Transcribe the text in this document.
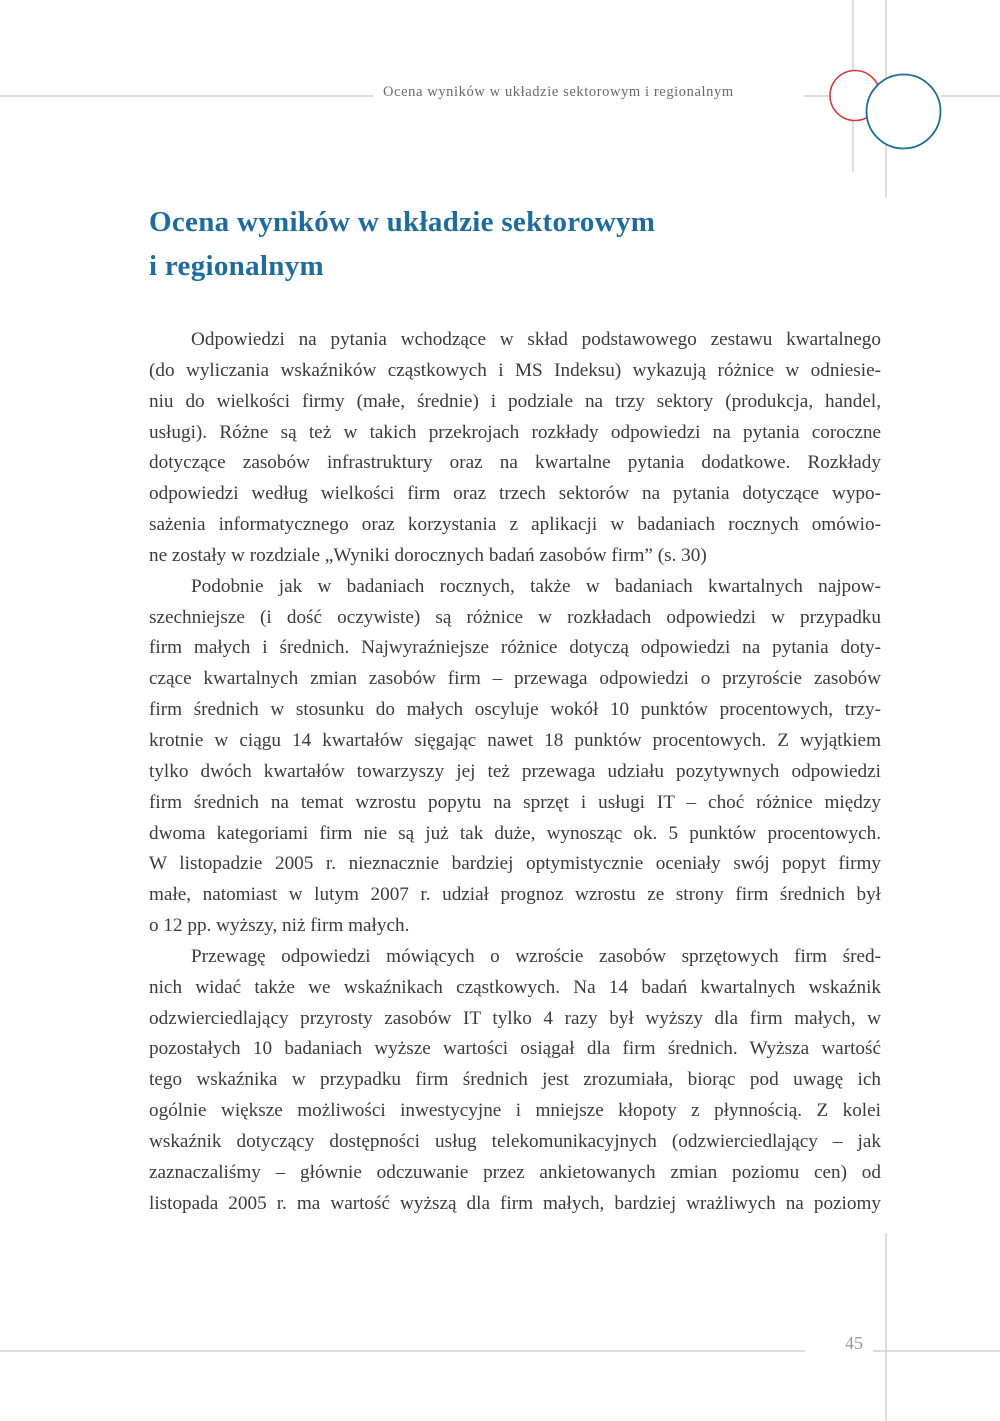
Ocena wyników w układzie sektorowym i regionalnym
Ocena wyników w układzie sektorowym
i regionalnym
Odpowiedzi na pytania wchodzące w skład podstawowego zestawu kwartalnego
(do wyliczania wskaźników cząstkowych i MS Indeksu) wykazują różnice w odniesie-
niu do wielkości firmy (małe, średnie) i podziale na trzy sektory (produkcja, handel,
usługi). Różne są też w takich przekrojach rozkłady odpowiedzi na pytania coroczne
dotyczące zasobów infrastruktury oraz na kwartalne pytania dodatkowe. Rozkłady
odpowiedzi według wielkości firm oraz trzech sektorów na pytania dotyczące wypo-
sażenia informatycznego oraz korzystania z aplikacji w badaniach rocznych omówio-
ne zostały w rozdziale „Wyniki dorocznych badań zasobów firm” (s. 30)
Podobnie jak w badaniach rocznych, także w badaniach kwartalnych najpow-
szechniejsze (i dość oczywiste) są różnice w rozkładach odpowiedzi w przypadku
firm małych i średnich. Najwyraźniejsze różnice dotyczą odpowiedzi na pytania doty-
czące kwartalnych zmian zasobów firm – przewaga odpowiedzi o przyroście zasobów
firm średnich w stosunku do małych oscyluje wokół 10 punktów procentowych, trzy-
krotnie w ciągu 14 kwartałów sięgając nawet 18 punktów procentowych. Z wyjątkiem
tylko dwóch kwartałów towarzyszy jej też przewaga udziału pozytywnych odpowiedzi
firm średnich na temat wzrostu popytu na sprzęt i usługi IT – choć różnice między
dwoma kategoriami firm nie są już tak duże, wynosząc ok. 5 punktów procentowych.
W listopadzie 2005 r. nieznacznie bardziej optymistycznie oceniały swój popyt firmy
małe, natomiast w lutym 2007 r. udział prognoz wzrostu ze strony firm średnich był
o 12 pp. wyższy, niż firm małych.
Przewagę odpowiedzi mówiących o wzroście zasobów sprzętowych firm śred-
nich widać także we wskaźnikach cząstkowych. Na 14 badań kwartalnych wskaźnik
odzwierciedlający przyrosty zasobów IT tylko 4 razy był wyższy dla firm małych, w
pozostałych 10 badaniach wyższe wartości osiągał dla firm średnich. Wyższa wartość
tego wskaźnika w przypadku firm średnich jest zrozumiała, biorąc pod uwagę ich
ogólnie większe możliwości inwestycyjne i mniejsze kłopoty z płynnością. Z kolei
wskaźnik dotyczący dostępności usług telekomunikacyjnych (odzwierciedlający – jak
zaznaczaliśmy – głównie odczuwanie przez ankietowanych zmian poziomu cen) od
listopada 2005 r. ma wartość wyższą dla firm małych, bardziej wrażliwych na poziomy
45
